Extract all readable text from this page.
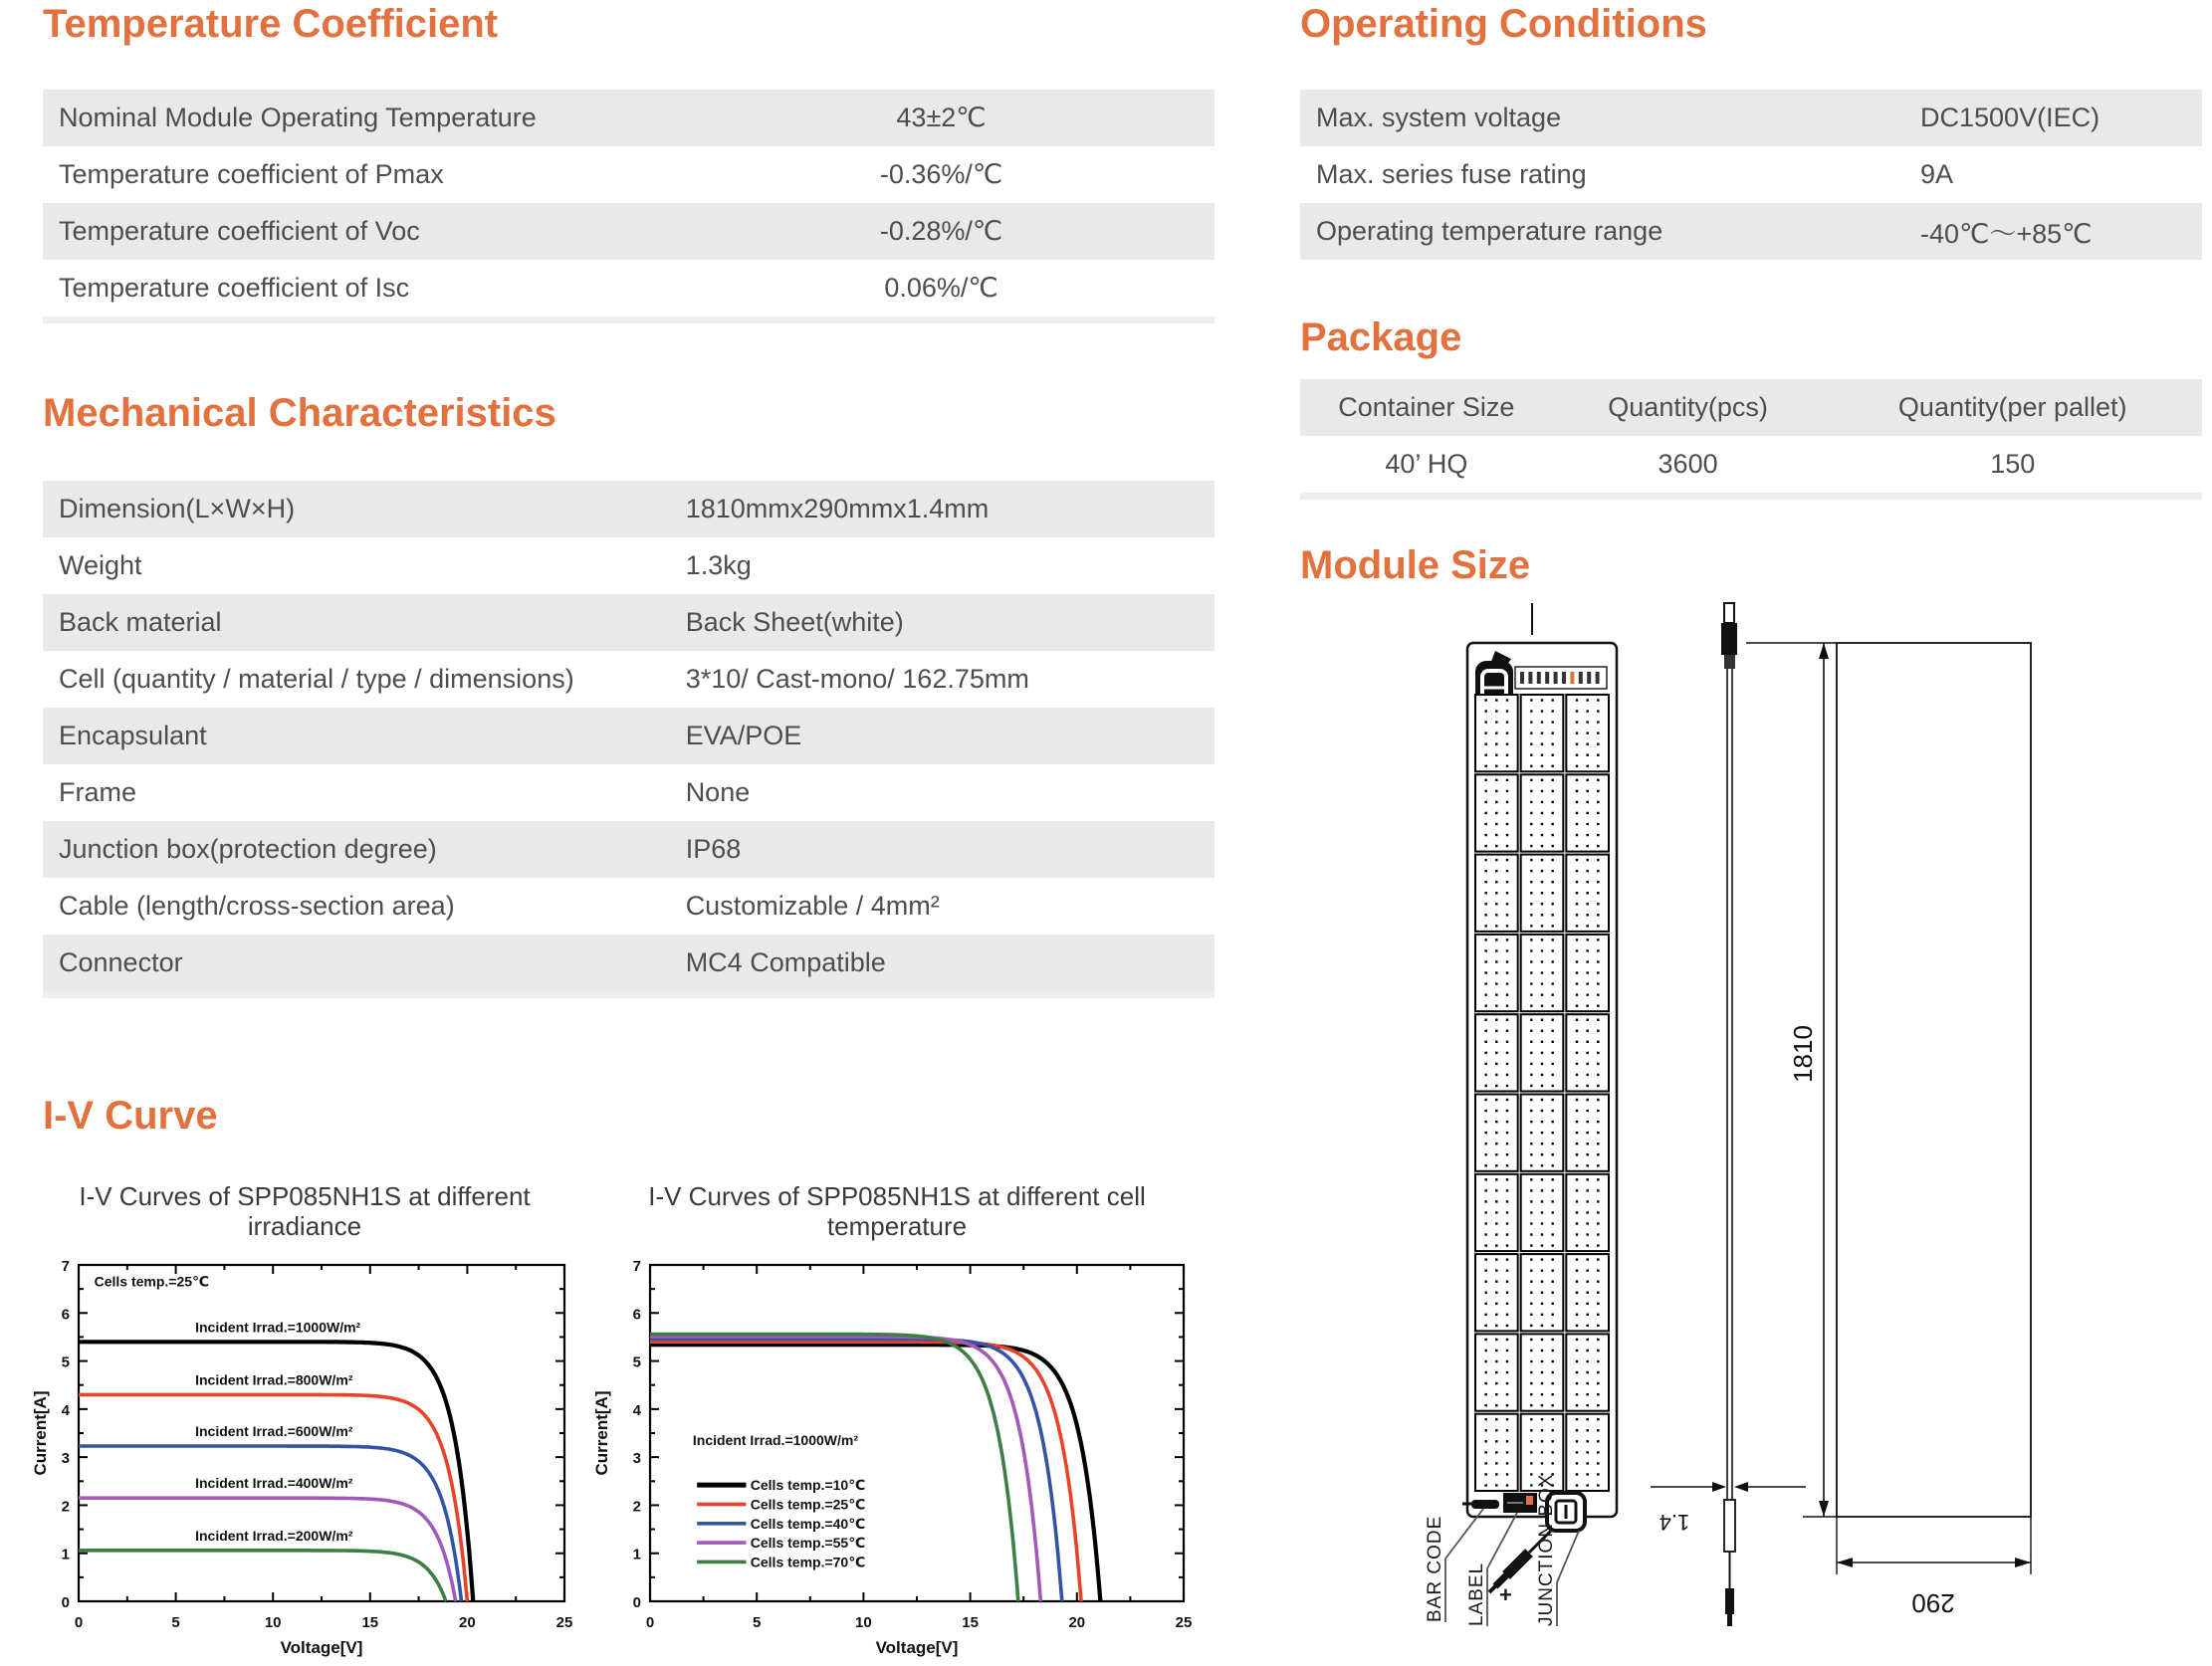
Temperature Coefficient
Nominal Module Operating Temperature	43±2℃
Temperature coefficient of Pmax	-0.36%/℃
Temperature coefficient of Voc	-0.28%/℃
Temperature coefficient of Isc	0.06%/℃
Mechanical Characteristics
Dimension(L×W×H)	1810mmx290mmx1.4mm
Weight	1.3kg
Back material	Back Sheet(white)
Cell (quantity / material / type / dimensions)	3*10/ Cast-mono/ 162.75mm
Encapsulant	EVA/POE
Frame	None
Junction box(protection degree)	IP68
Cable (length/cross-section area)	Customizable / 4mm²
Connector	MC4 Compatible
I-V Curve
I-V Curves of SPP085NH1S at different irradiance
0	5	10	15	20	25
0
1
2
3
4
5
6
7
Voltage[V]
Current[A]
Incident Irrad.=1000W/m²
Incident Irrad.=800W/m²
Incident Irrad.=600W/m²
Incident Irrad.=400W/m²
Incident Irrad.=200W/m²
Cells temp.=25℃
I-V Curves of SPP085NH1S at different cell temperature
0	5	10	15	20	25
0
1
2
3
4
5
6
7
Voltage[V]
Current[A]
Cells temp.=10℃
Cells temp.=25℃
Cells temp.=40℃
Cells temp.=55℃
Cells temp.=70℃
Incident Irrad.=1000W/m²
Operating Conditions
Max. system voltage	DC1500V(IEC)
Max. series fuse rating	9A
Operating temperature range	-40℃～+85℃
Package
Container Size	Quantity(pcs)	Quantity(per pallet)
40’ HQ	3600	150
Module Size
BAR CODE LABEL	JUNCTION BOX
+
1.4
1810
290
